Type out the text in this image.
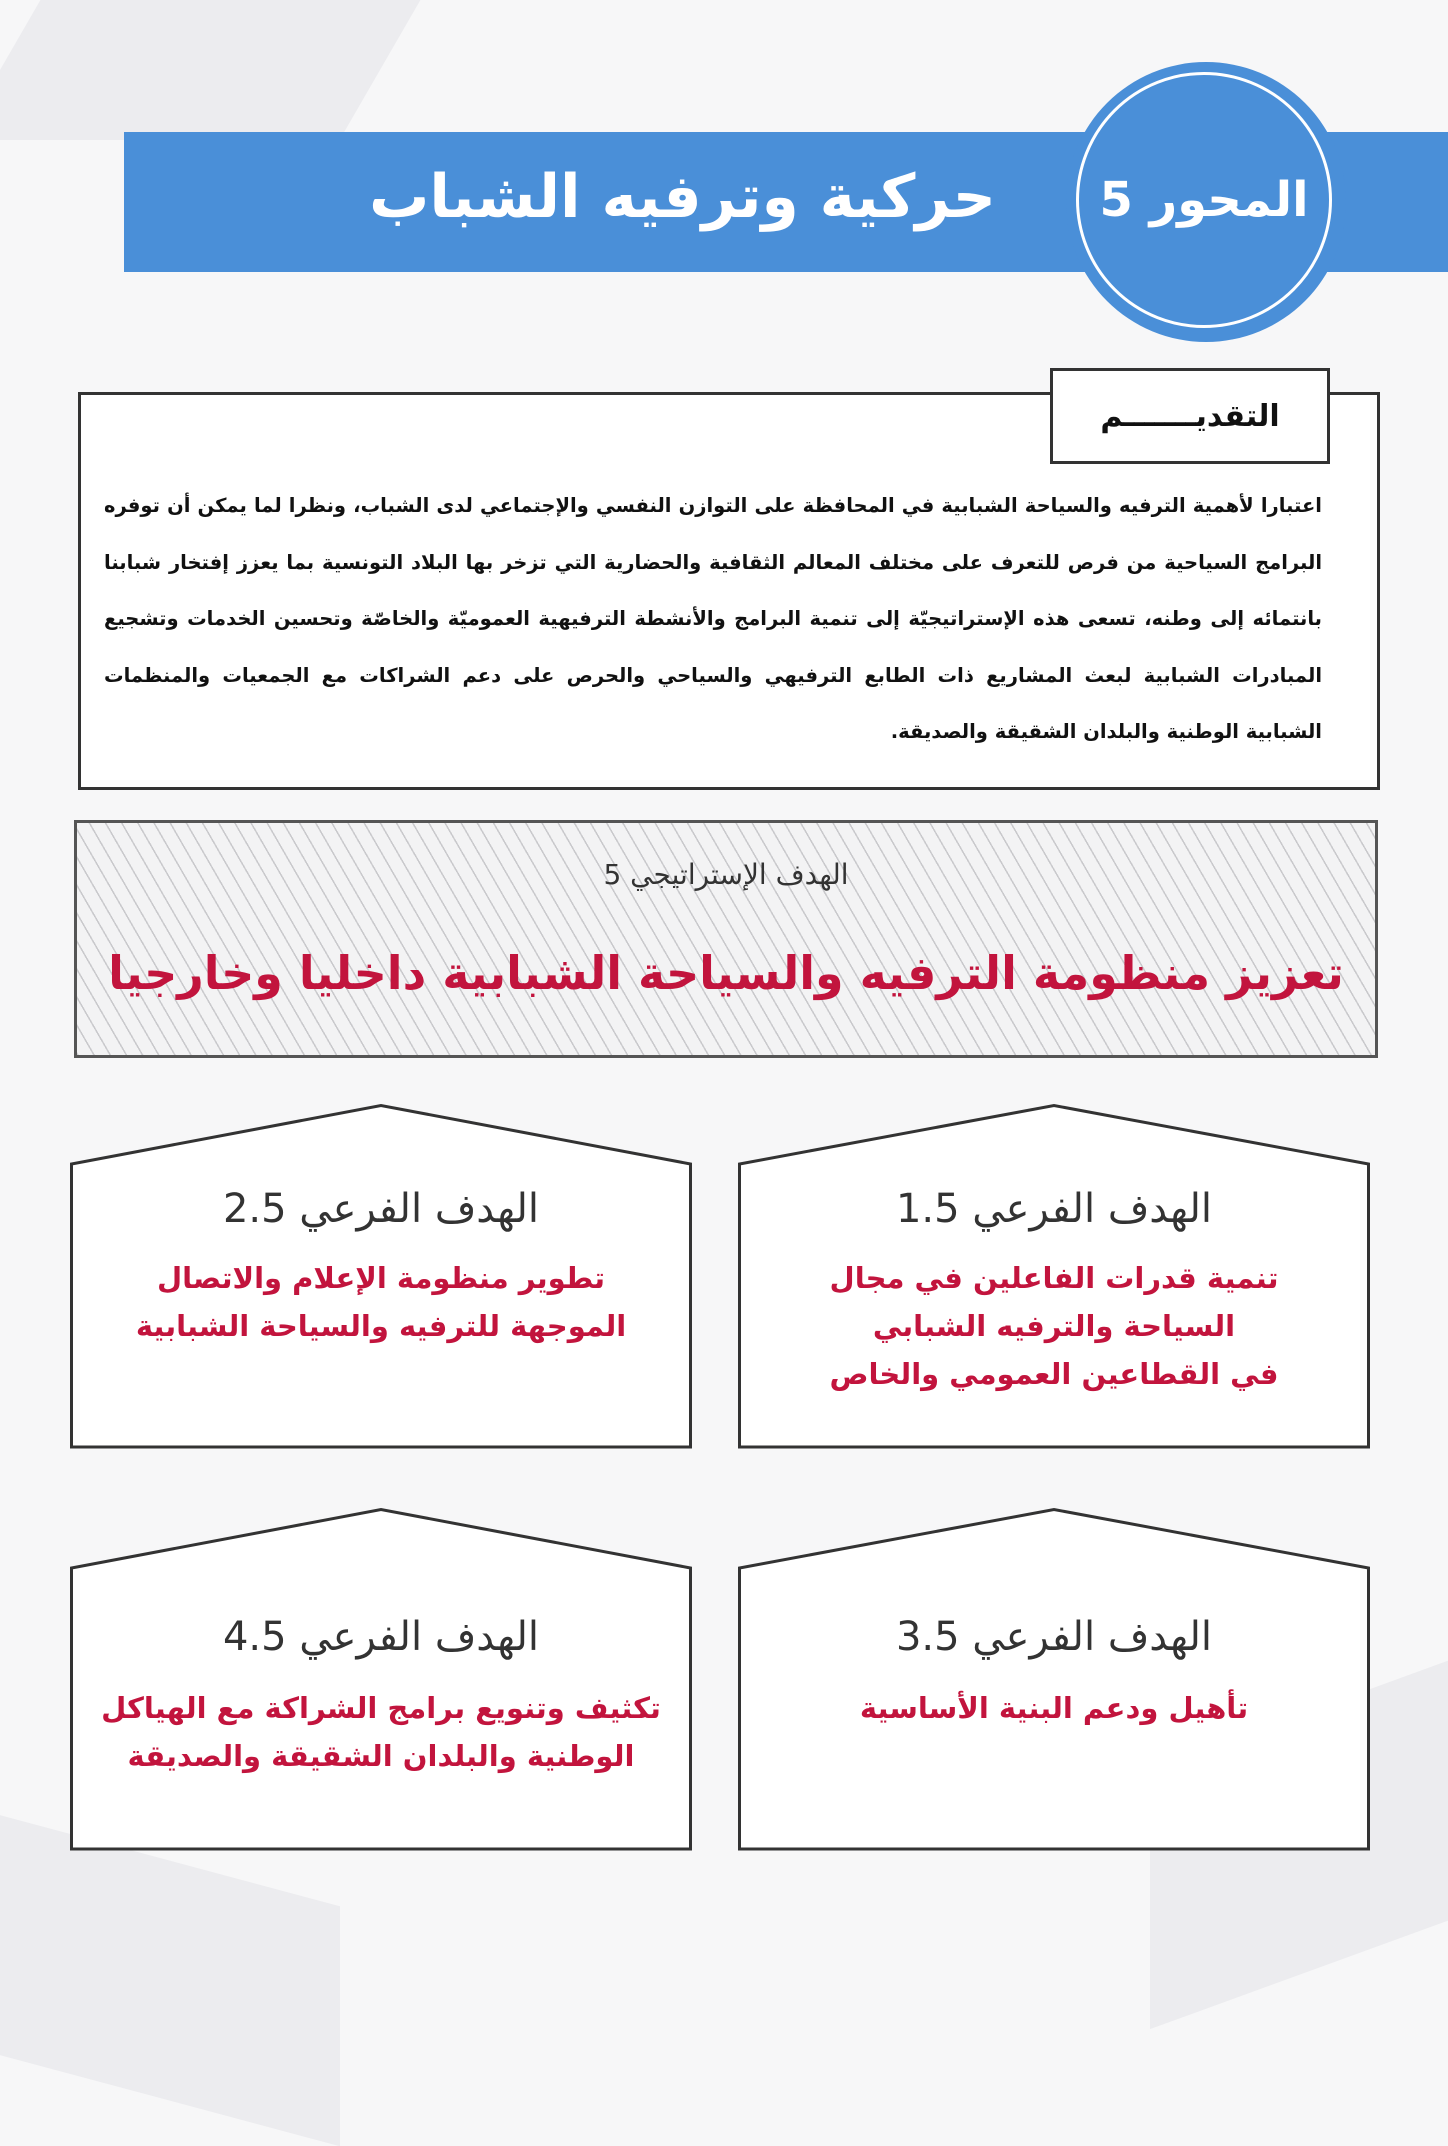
حركية وترفيه الشباب	المحور 5
التقديـــــــم

اعتبارا لأهمية الترفيه والسياحة الشبابية في المحافظة على التوازن النفسي والإجتماعي لدى الشباب، ونظرا لما يمكن أن توفره البرامج السياحية من فرص للتعرف على مختلف المعالم الثقافية والحضارية التي تزخر بها البلاد التونسية بما يعزز إفتخار شبابنا بانتمائه إلى وطنه، تسعى هذه الإستراتيجيّة إلى تنمية البرامج والأنشطة الترفيهية العموميّة والخاصّة وتحسين الخدمات وتشجيع المبادرات الشبابية لبعث المشاريع ذات الطابع الترفيهي والسياحي والحرص على دعم الشراكات مع الجمعيات والمنظمات الشبابية الوطنية والبلدان الشقيقة والصديقة.

الهدف الإستراتيجي 5
تعزيز منظومة الترفيه والسياحة الشبابية داخليا وخارجيا
الهدف الفرعي 1.5

تنمية قدرات الفاعلين في مجال
السياحة والترفيه الشبابي
في القطاعين العمومي والخاص

الهدف الفرعي 2.5

تطوير منظومة الإعلام والاتصال
الموجهة للترفيه والسياحة الشبابية

الهدف الفرعي 3.5

تأهيل ودعم البنية الأساسية

الهدف الفرعي 4.5

تكثيف وتنويع برامج الشراكة مع الهياكل
الوطنية والبلدان الشقيقة والصديقة
